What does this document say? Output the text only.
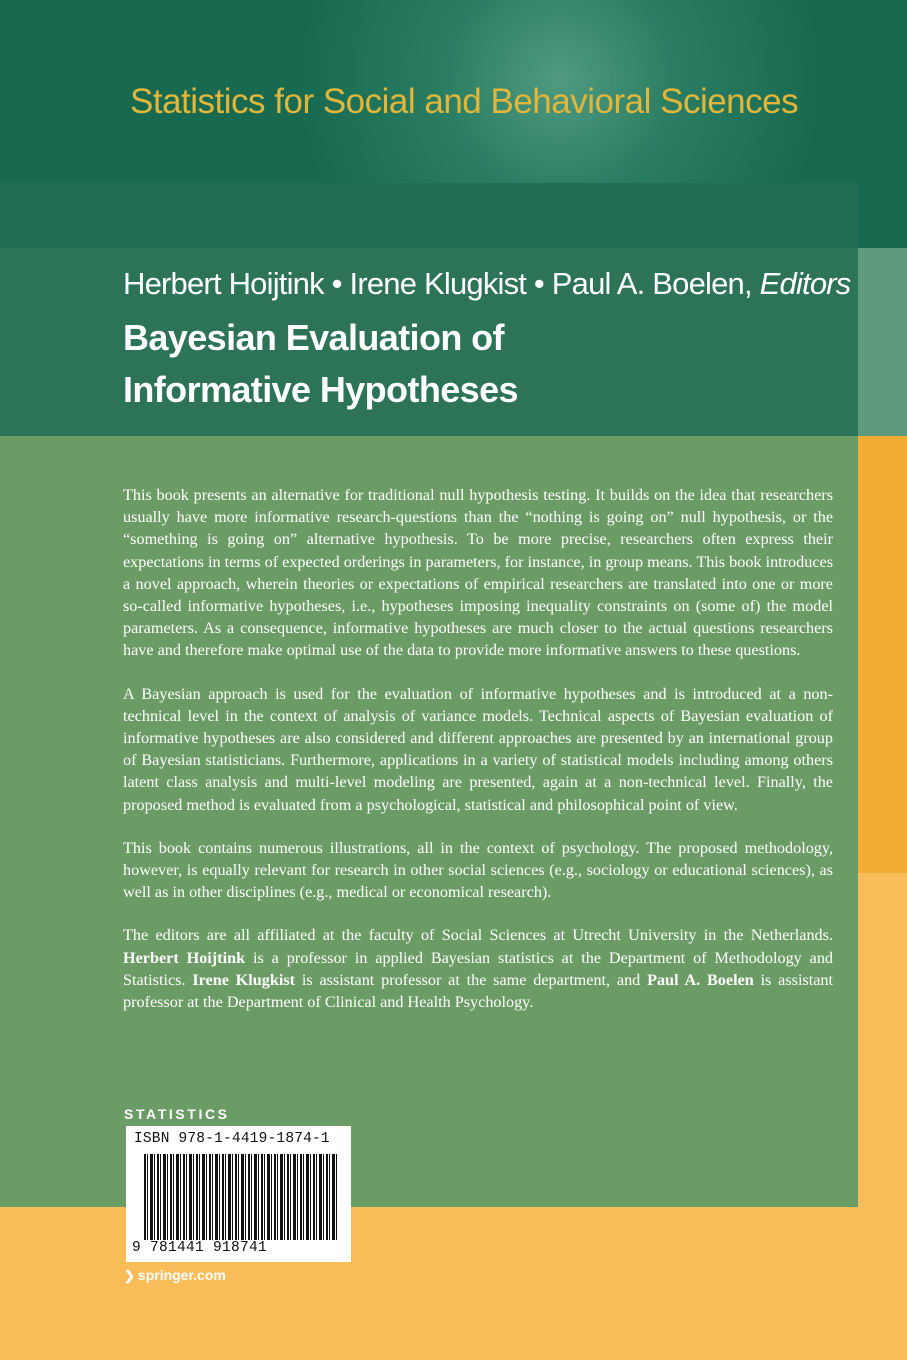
Statistics for Social and Behavioral Sciences
Herbert Hoijtink • Irene Klugkist • Paul A. Boelen, Editors
Bayesian Evaluation of
Informative Hypotheses

This book presents an alternative for traditional null hypothesis testing. It builds on the idea that researchers usually have more informative research-questions than the “nothing is going on” null hypothesis, or the “something is going on” alternative hypothesis. To be more precise, researchers often express their expectations in terms of expected orderings in parameters, for instance, in group means. This book introduces a novel approach, wherein theories or expectations of empirical researchers are translated into one or more so-called informative hypotheses, i.e., hypotheses imposing inequality constraints on (some of) the model parameters. As a consequence, informative hypotheses are much closer to the actual questions researchers have and therefore make optimal use of the data to provide more informative answers to these questions.

A Bayesian approach is used for the evaluation of informative hypotheses and is introduced at a non-technical level in the context of analysis of variance models. Technical aspects of Bayesian evaluation of informative hypotheses are also considered and different approaches are presented by an international group of Bayesian statisticians. Furthermore, applications in a variety of statistical models including among others latent class analysis and multi-level modeling are presented, again at a non-technical level. Finally, the proposed method is evaluated from a psychological, statistical and philosophical point of view.

This book contains numerous illustrations, all in the context of psychology. The proposed methodology, however, is equally relevant for research in other social sciences (e.g., sociology or educational sciences), as well as in other disciplines (e.g., medical or economical research).

The editors are all affiliated at the faculty of Social Sciences at Utrecht University in the Netherlands. Herbert Hoijtink is a professor in applied Bayesian statistics at the Department of Methodology and Statistics. Irene Klugkist is assistant professor at the same department, and Paul A. Boelen is assistant professor at the Department of Clinical and Health Psychology.

STATISTICS
ISBN 978-1-4419-1874-1
9 781441 918741
❯ springer.com
